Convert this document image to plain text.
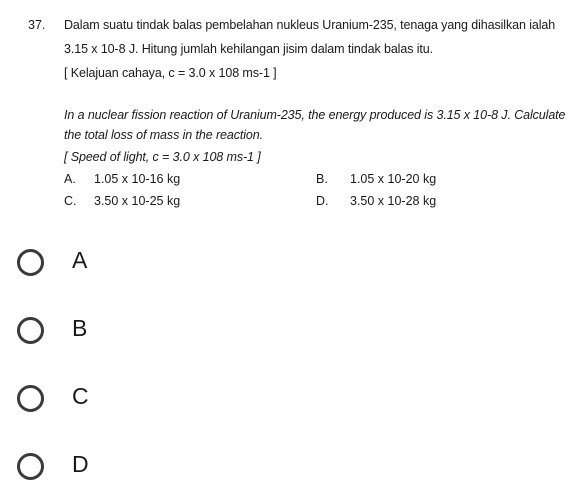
37. Dalam suatu tindak balas pembelahan nukleus Uranium-235, tenaga yang dihasilkan ialah
3.15 x 10-8 J. Hitung jumlah kehilangan jisim dalam tindak balas itu.
[ Kelajuan cahaya, c = 3.0 x 108 ms-1 ]
In a nuclear fission reaction of Uranium-235, the energy produced is 3.15 x 10-8 J. Calculate
the total loss of mass in the reaction.
[ Speed of light, c = 3.0 x 108 ms-1 ]
A. 1.05 x 10-16 kg	B. 1.05 x 10-20 kg
C. 3.50 x 10-25 kg	D. 3.50 x 10-28 kg
A
B
C
D
